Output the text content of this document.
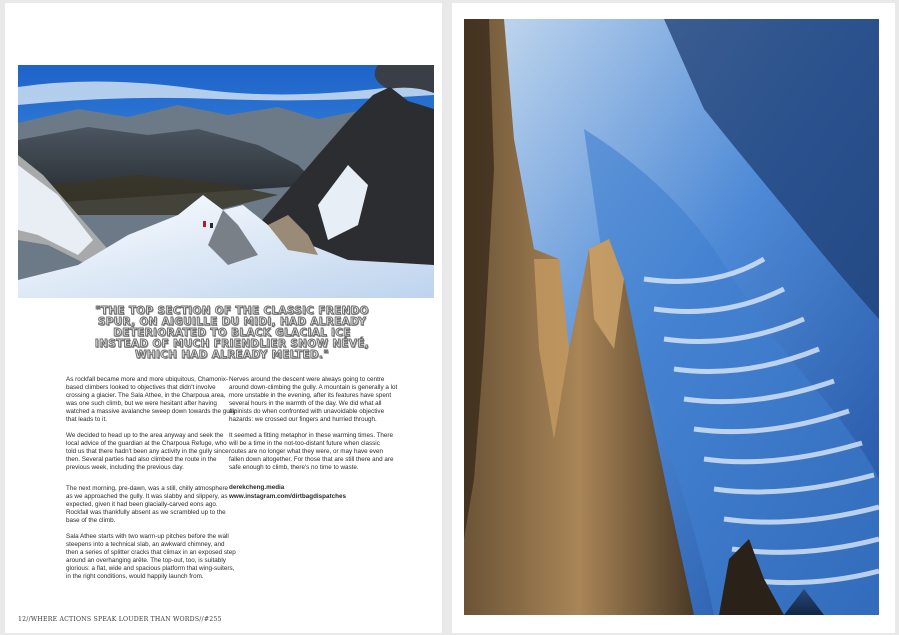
"THE TOP SECTION OF THE CLASSIC FRENDO SPUR, ON AIGUILLE DU MIDI, HAD ALREADY DETERIORATED TO BLACK GLACIAL ICE INSTEAD OF MUCH FRIENDLIER SNOW NÉVÉ, WHICH HAD ALREADY MELTED."

As rockfall became more and more ubiquitous, Chamonix-based climbers looked to objectives that didn't involve crossing a glacier. The Sala Athee, in the Charpoua area, was one such climb, but we were hesitant after having watched a massive avalanche sweep down towards the gully that leads to it.

We decided to head up to the area anyway and seek the local advice of the guardian at the Charpoua Refuge, who told us that there hadn't been any activity in the gully since then. Several parties had also climbed the route in the previous week, including the previous day.

The next morning, pre-dawn, was a still, chilly atmosphere as we approached the gully. It was slabby and slippery, as expected, given it had been glacially-carved eons ago. Rockfall was thankfully absent as we scrambled up to the base of the climb.

Sala Athee starts with two warm-up pitches before the wall steepens into a technical slab, an awkward chimney, and then a series of splitter cracks that climax in an exposed step around an overhanging arête. The top-out, too, is suitably glorious: a flat, wide and spacious platform that wing-suiters, in the right conditions, would happily launch from.

Nerves around the descent were always going to centre around down-climbing the gully. A mountain is generally a lot more unstable in the evening, after its features have spent several hours in the warmth of the day. We did what all alpinists do when confronted with unavoidable objective hazards: we crossed our fingers and hurried through.

It seemed a fitting metaphor in these warming times. There will be a time in the not-too-distant future when classic routes are no longer what they were, or may have even fallen down altogether. For those that are still there and are safe enough to climb, there's no time to waste.

derekcheng.media
www.instagram.com/dirtbagdispatches
12//WHERE ACTIONS SPEAK LOUDER THAN WORDS//#255
